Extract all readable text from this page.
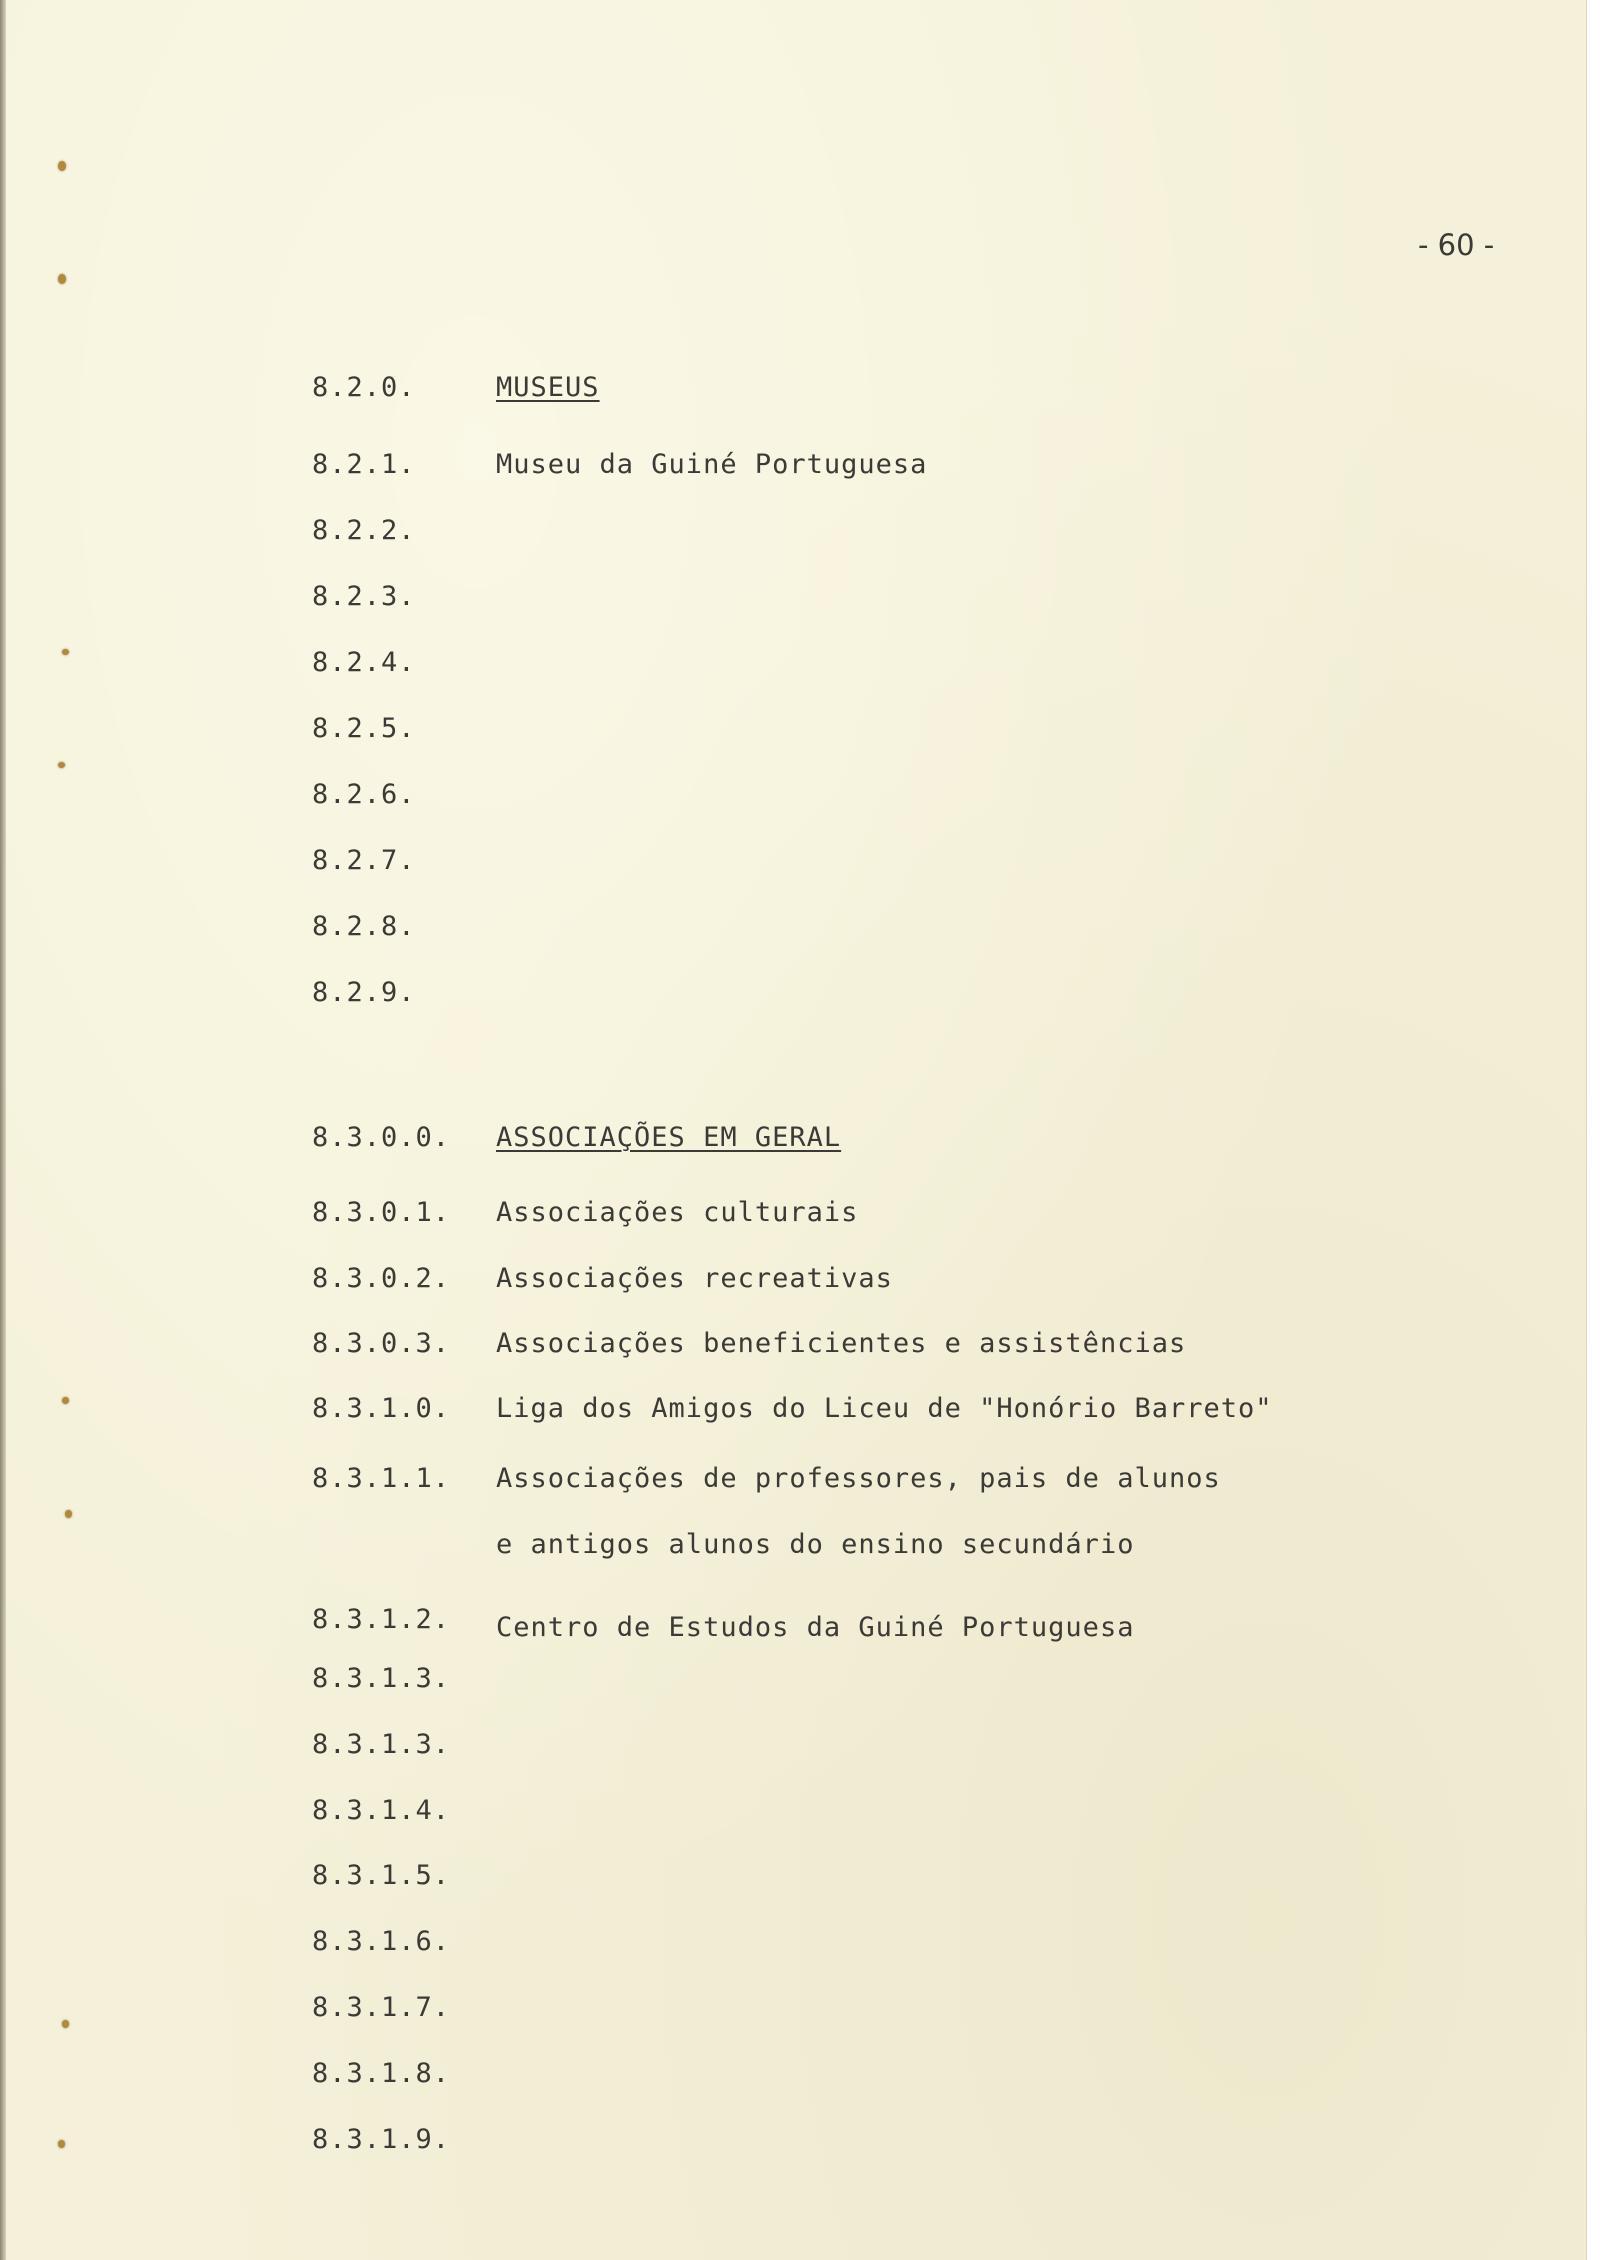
- 60 -
8.2.0.	MUSEUS
8.2.1.	Museu da Guiné Portuguesa
8.2.2.
8.2.3.
8.2.4.
8.2.5.
8.2.6.
8.2.7.
8.2.8.
8.2.9.
8.3.0.0. ASSOCIAÇÕES EM GERAL
8.3.0.1. Associações culturais
8.3.0.2. Associações recreativas
8.3.0.3. Associações beneficientes e assistências
8.3.1.0. Liga dos Amigos do Liceu de "Honório Barreto"
8.3.1.1. Associações de professores, pais de alunos
e antigos alunos do ensino secundário
8.3.1.2. Centro de Estudos da Guiné Portuguesa
8.3.1.3.
8.3.1.3.
8.3.1.4.
8.3.1.5.
8.3.1.6.
8.3.1.7.
8.3.1.8.
8.3.1.9.
